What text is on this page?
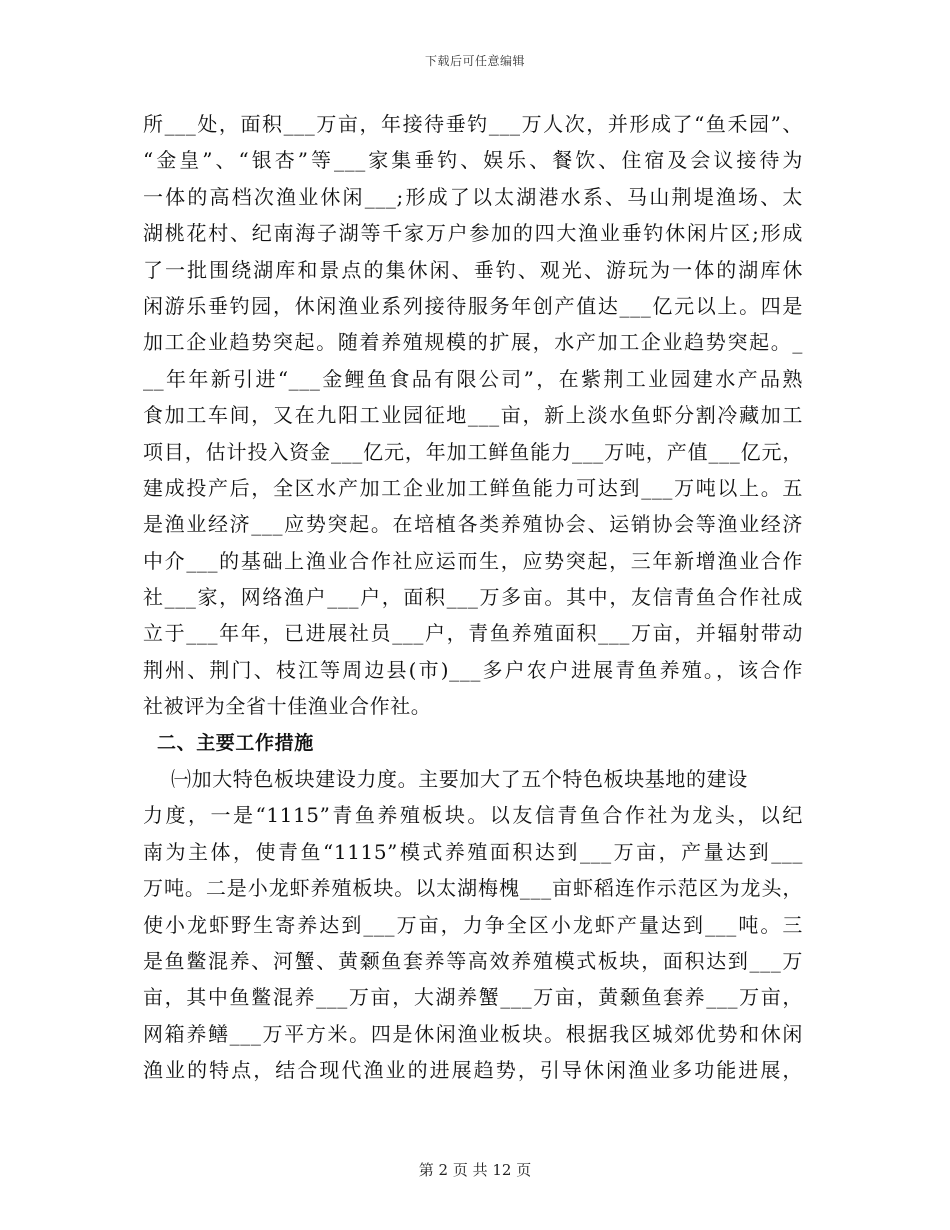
下载后可任意编辑
所___处，面积___万亩，年接待垂钓___万人次，并形成了“鱼禾园”、
“金皇”、“银杏”等___家集垂钓、娱乐、餐饮、住宿及会议接待为
一体的高档次渔业休闲___;形成了以太湖港水系、马山荆堤渔场、太
湖桃花村、纪南海子湖等千家万户参加的四大渔业垂钓休闲片区;形成
了一批围绕湖库和景点的集休闲、垂钓、观光、游玩为一体的湖库休
闲游乐垂钓园，休闲渔业系列接待服务年创产值达___亿元以上。四是
加工企业趋势突起。随着养殖规模的扩展，水产加工企业趋势突起。_
__年年新引进“___金鲤鱼食品有限公司”，在紫荆工业园建水产品熟
食加工车间，又在九阳工业园征地___亩，新上淡水鱼虾分割冷藏加工
项目，估计投入资金___亿元，年加工鲜鱼能力___万吨，产值___亿元，
建成投产后，全区水产加工企业加工鲜鱼能力可达到___万吨以上。五
是渔业经济___应势突起。在培植各类养殖协会、运销协会等渔业经济
中介___的基础上渔业合作社应运而生，应势突起，三年新增渔业合作
社___家，网络渔户___户，面积___万多亩。其中，友信青鱼合作社成
立于___年年，已进展社员___户，青鱼养殖面积___万亩，并辐射带动
荆州、荆门、枝江等周边县(市)___多户农户进展青鱼养殖。，该合作
社被评为全省十佳渔业合作社。
二、主要工作措施
㈠加大特色板块建设力度。主要加大了五个特色板块基地的建设
力度，一是“1115”青鱼养殖板块。以友信青鱼合作社为龙头，以纪
南为主体，使青鱼“1115”模式养殖面积达到___万亩，产量达到___
万吨。二是小龙虾养殖板块。以太湖梅槐___亩虾稻连作示范区为龙头，
使小龙虾野生寄养达到___万亩，力争全区小龙虾产量达到___吨。三
是鱼鳖混养、河蟹、黄颡鱼套养等高效养殖模式板块，面积达到___万
亩，其中鱼鳖混养___万亩，大湖养蟹___万亩，黄颡鱼套养___万亩，
网箱养鳝___万平方米。四是休闲渔业板块。根据我区城郊优势和休闲
渔业的特点，结合现代渔业的进展趋势，引导休闲渔业多功能进展，
第 2 页 共 12 页
